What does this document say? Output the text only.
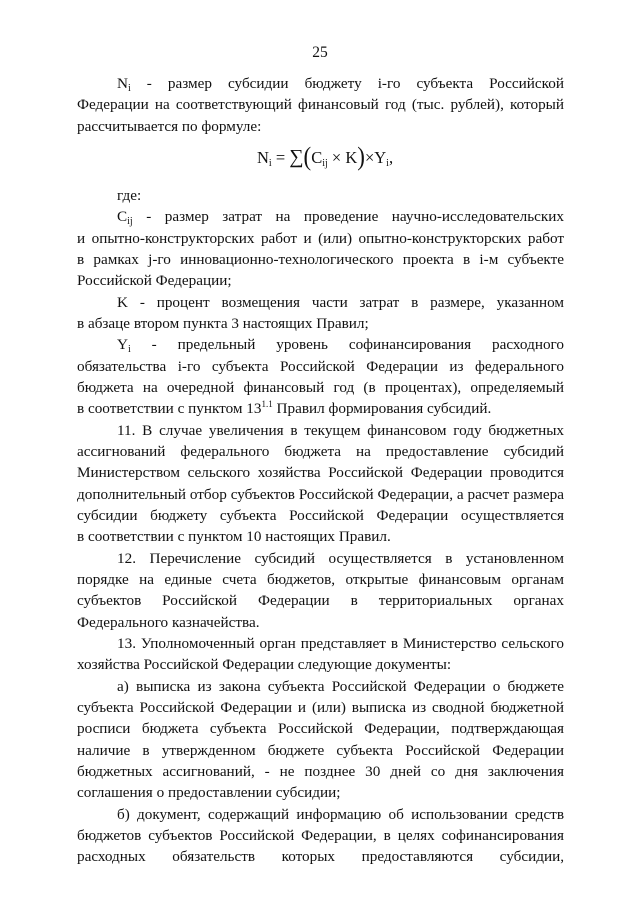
25
$N_i$ - размер субсидии бюджету i-го субъекта Российской
Федерации на соответствующий финансовый год (тыс. рублей), который
рассчитывается по формуле:
$N_i = \sum(C_{ij} \times K)\times Y_i$,
где:
$C_{ij}$ - размер затрат на проведение научно-исследовательских
и опытно-конструкторских работ и (или) опытно-конструкторских работ
в рамках j-го инновационно-технологического проекта в i-м субъекте
Российской Федерации;
K - процент возмещения части затрат в размере, указанном
в абзаце втором пункта 3 настоящих Правил;
$Y_i$ - предельный уровень софинансирования расходного
обязательства i-го субъекта Российской Федерации из федерального
бюджета на очередной финансовый год (в процентах), определяемый
в соответствии с пунктом $13^{1.1}$ Правил формирования субсидий.
11. В случае увеличения в текущем финансовом году бюджетных
ассигнований федерального бюджета на предоставление субсидий
Министерством сельского хозяйства Российской Федерации проводится
дополнительный отбор субъектов Российской Федерации, а расчет размера
субсидии бюджету субъекта Российской Федерации осуществляется
в соответствии с пунктом 10 настоящих Правил.
12. Перечисление субсидий осуществляется в установленном
порядке на единые счета бюджетов, открытые финансовым органам
субъектов Российской Федерации в территориальных органах
Федерального казначейства.
13. Уполномоченный орган представляет в Министерство сельского
хозяйства Российской Федерации следующие документы:
а) выписка из закона субъекта Российской Федерации о бюджете
субъекта Российской Федерации и (или) выписка из сводной бюджетной
росписи бюджета субъекта Российской Федерации, подтверждающая
наличие в утвержденном бюджете субъекта Российской Федерации
бюджетных ассигнований, - не позднее 30 дней со дня заключения
соглашения о предоставлении субсидии;
б) документ, содержащий информацию об использовании средств
бюджетов субъектов Российской Федерации, в целях софинансирования
расходных обязательств которых предоставляются субсидии,
